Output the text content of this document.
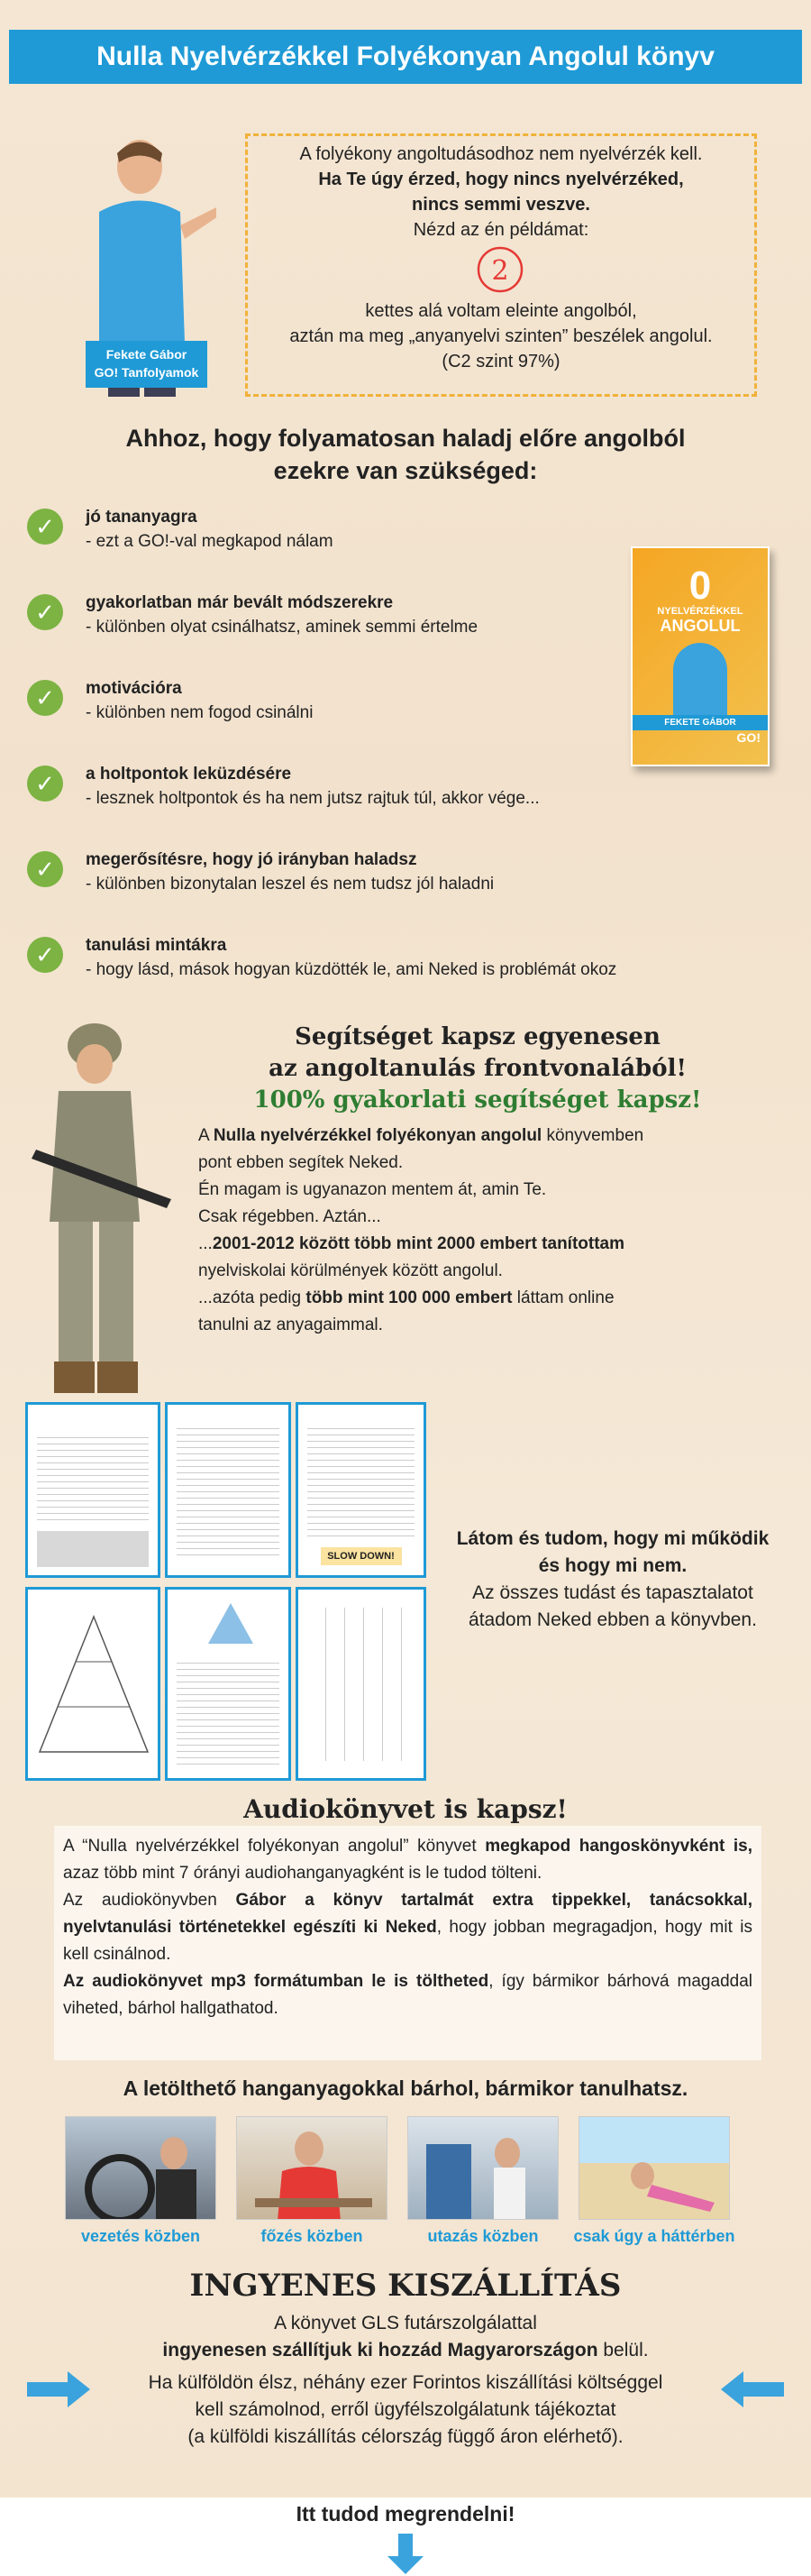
Nulla Nyelvérzékkel Folyékonyan Angolul könyv
Fekete Gábor
GO! Tanfolyamok
A folyékony angoltudásodhoz nem nyelvérzék kell.
Ha Te úgy érzed, hogy nincs nyelvérzéked,
nincs semmi veszve.
Nézd az én példámat:
2
kettes alá voltam eleinte angolból,
aztán ma meg „anyanyelvi szinten” beszélek angolul.
(C2 szint 97%)
Ahhoz, hogy folyamatosan haladj előre angolból
ezekre van szükséged:
✓	jó tananyagra
- ezt a GO!-val megkapod nálam
✓	gyakorlatban már bevált módszerekre
- különben olyat csinálhatsz, aminek semmi értelme
✓	motivációra
- különben nem fogod csinálni
✓	a holtpontok leküzdésére
- lesznek holtpontok és ha nem jutsz rajtuk túl, akkor vége...
✓	megerősítésre, hogy jó irányban haladsz
- különben bizonytalan leszel és nem tudsz jól haladni
✓	tanulási mintákra
- hogy lásd, mások hogyan küzdötték le, ami Neked is problémát okoz
0
NYELVÉRZÉKKEL
ANGOLUL
FEKETE GÁBOR
GO!
Segítséget kapsz egyenesen
az angoltanulás frontvonalából!
100% gyakorlati segítséget kapsz!
A Nulla nyelvérzékkel folyékonyan angolul könyvemben
pont ebben segítek Neked.
Én magam is ugyanazon mentem át, amin Te.
Csak régebben. Aztán...
...2001-2012 között több mint 2000 embert tanítottam
nyelviskolai körülmények között angolul.
...azóta pedig több mint 100 000 embert láttam online
tanulni az anyagaimmal.
SLOW DOWN!
Látom és tudom, hogy mi működik
és hogy mi nem.
Az összes tudást és tapasztalatot
átadom Neked ebben a könyvben.
Audiokönyvet is kapsz!
A “Nulla nyelvérzékkel folyékonyan angolul” könyvet megkapod hangoskönyvként is, azaz több mint 7 órányi audiohanganyagként is le tudod tölteni.
Az audiokönyvben Gábor a könyv tartalmát extra tippekkel, tanácsokkal, nyelvtanulási történetekkel egészíti ki Neked, hogy jobban megragadjon, hogy mit is kell csinálnod.
Az audiokönyvet mp3 formátumban le is töltheted, így bármikor bárhová magaddal viheted, bárhol hallgathatod.
A letölthető hanganyagokkal bárhol, bármikor tanulhatsz.
vezetés közben	főzés közben	utazás közben	csak úgy a háttérben
INGYENES KISZÁLLÍTÁS
A könyvet GLS futárszolgálattal
ingyenesen szállítjuk ki hozzád Magyarországon belül.
Ha külföldön élsz, néhány ezer Forintos kiszállítási költséggel
kell számolnod, erről ügyfélszolgálatunk tájékoztat
(a külföldi kiszállítás célország függő áron elérhető).
Itt tudod megrendelni!
